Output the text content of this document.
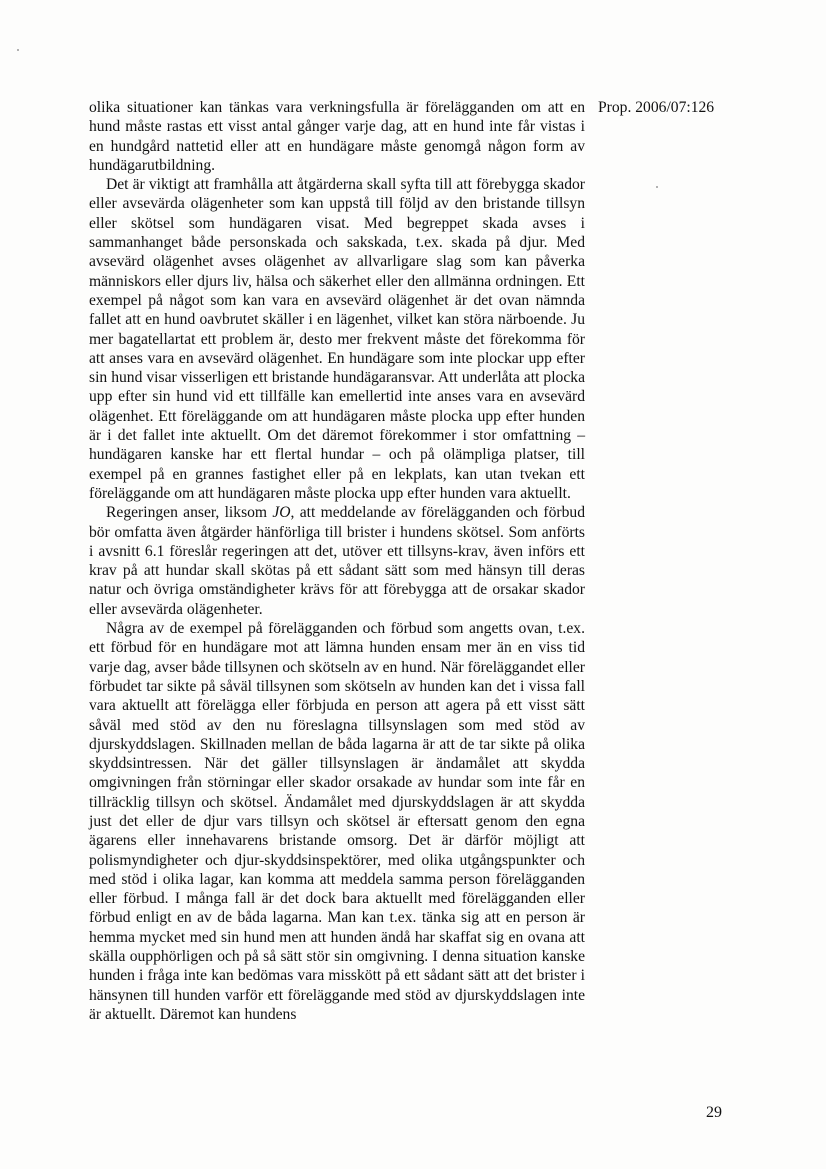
Prop. 2006/07:126

olika situationer kan tänkas vara verkningsfulla är förelägganden om att en hund måste rastas ett visst antal gånger varje dag, att en hund inte får vistas i en hundgård nattetid eller att en hundägare måste genomgå någon form av hundägarutbildning.

Det är viktigt att framhålla att åtgärderna skall syfta till att förebygga skador eller avsevärda olägenheter som kan uppstå till följd av den bristande tillsyn eller skötsel som hundägaren visat. Med begreppet skada avses i sammanhanget både personskada och sakskada, t.ex. skada på djur. Med avsevärd olägenhet avses olägenhet av allvarligare slag som kan påverka människors eller djurs liv, hälsa och säkerhet eller den allmänna ordningen. Ett exempel på något som kan vara en avsevärd olägenhet är det ovan nämnda fallet att en hund oavbrutet skäller i en lägenhet, vilket kan störa närboende. Ju mer bagatellartat ett problem är, desto mer frekvent måste det förekomma för att anses vara en avsevärd olägenhet. En hundägare som inte plockar upp efter sin hund visar visserligen ett bristande hundägaransvar. Att underlåta att plocka upp efter sin hund vid ett tillfälle kan emellertid inte anses vara en avsevärd olägenhet. Ett föreläggande om att hundägaren måste plocka upp efter hunden är i det fallet inte aktuellt. Om det däremot förekommer i stor omfattning – hundägaren kanske har ett flertal hundar – och på olämpliga platser, till exempel på en grannes fastighet eller på en lekplats, kan utan tvekan ett föreläggande om att hundägaren måste plocka upp efter hunden vara aktuellt.

Regeringen anser, liksom JO, att meddelande av förelägganden och förbud bör omfatta även åtgärder hänförliga till brister i hundens skötsel. Som anförts i avsnitt 6.1 föreslår regeringen att det, utöver ett tillsyns-krav, även införs ett krav på att hundar skall skötas på ett sådant sätt som med hänsyn till deras natur och övriga omständigheter krävs för att förebygga att de orsakar skador eller avsevärda olägenheter.

Några av de exempel på förelägganden och förbud som angetts ovan, t.ex. ett förbud för en hundägare mot att lämna hunden ensam mer än en viss tid varje dag, avser både tillsynen och skötseln av en hund. När föreläggandet eller förbudet tar sikte på såväl tillsynen som skötseln av hunden kan det i vissa fall vara aktuellt att förelägga eller förbjuda en person att agera på ett visst sätt såväl med stöd av den nu föreslagna tillsynslagen som med stöd av djurskyddslagen. Skillnaden mellan de båda lagarna är att de tar sikte på olika skyddsintressen. När det gäller tillsynslagen är ändamålet att skydda omgivningen från störningar eller skador orsakade av hundar som inte får en tillräcklig tillsyn och skötsel. Ändamålet med djurskyddslagen är att skydda just det eller de djur vars tillsyn och skötsel är eftersatt genom den egna ägarens eller innehavarens bristande omsorg. Det är därför möjligt att polismyndigheter och djur-skyddsinspektörer, med olika utgångspunkter och med stöd i olika lagar, kan komma att meddela samma person förelägganden eller förbud. I många fall är det dock bara aktuellt med förelägganden eller förbud enligt en av de båda lagarna. Man kan t.ex. tänka sig att en person är hemma mycket med sin hund men att hunden ändå har skaffat sig en ovana att skälla oupphörligen och på så sätt stör sin omgivning. I denna situation kanske hunden i fråga inte kan bedömas vara misskött på ett sådant sätt att det brister i hänsynen till hunden varför ett föreläggande med stöd av djurskyddslagen inte är aktuellt. Däremot kan hundens

29
